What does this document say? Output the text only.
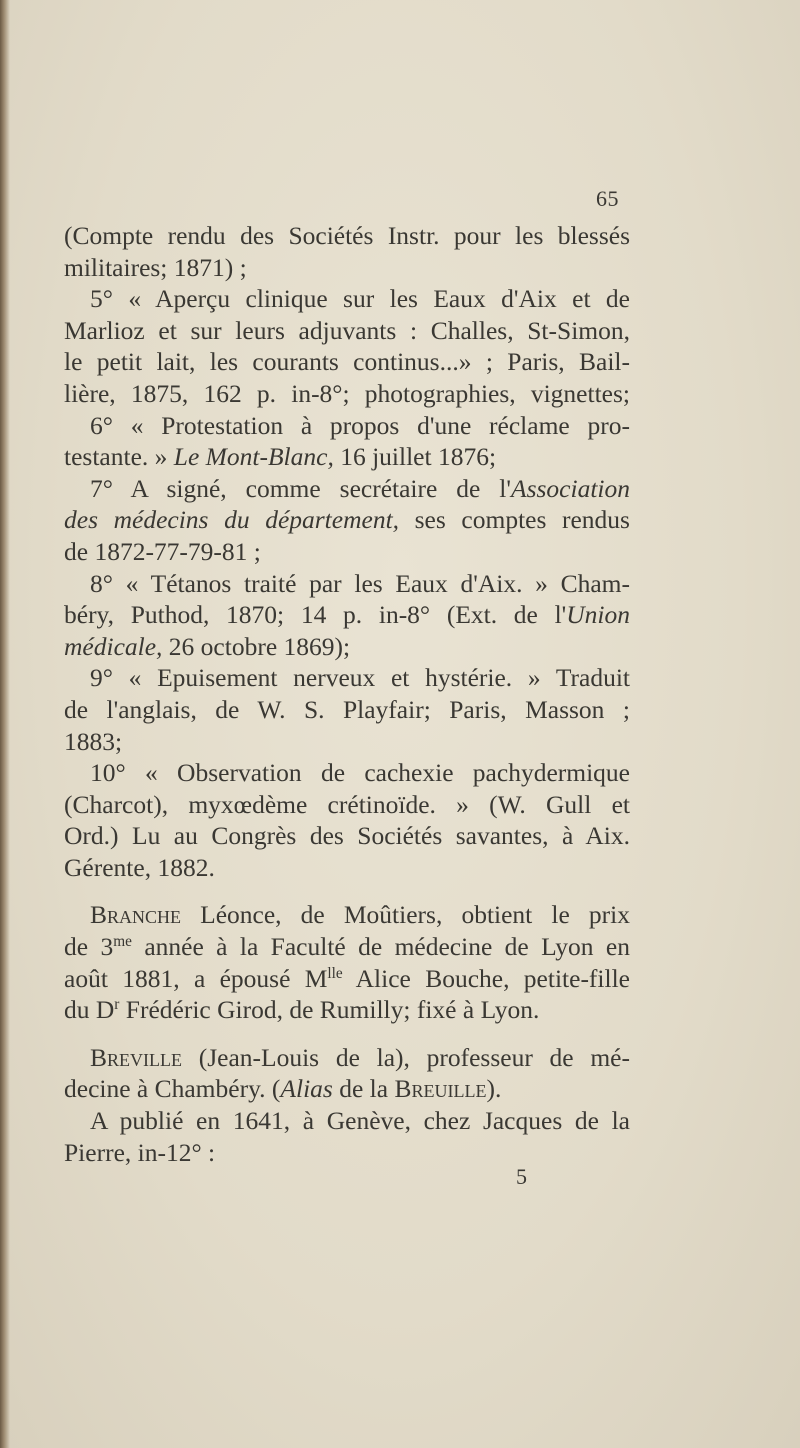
65
(Compte rendu des Sociétés Instr. pour les blessés
militaires; 1871) ;
5° « Aperçu clinique sur les Eaux d'Aix et de
Marlioz et sur leurs adjuvants : Challes, St-Simon,
le petit lait, les courants continus...» ; Paris, Bail-
lière, 1875, 162 p. in-8°; photographies, vignettes;
6° « Protestation à propos d'une réclame pro-
testante. » Le Mont-Blanc, 16 juillet 1876;
7° A signé, comme secrétaire de l'Association
des médecins du département, ses comptes rendus
de 1872-77-79-81 ;
8° « Tétanos traité par les Eaux d'Aix. » Cham-
béry, Puthod, 1870; 14 p. in-8° (Ext. de l'Union
médicale, 26 octobre 1869);
9° « Epuisement nerveux et hystérie. » Traduit
de l'anglais, de W. S. Playfair; Paris, Masson ;
1883;
10° « Observation de cachexie pachydermique
(Charcot), myxœdème crétinoïde. » (W. Gull et
Ord.) Lu au Congrès des Sociétés savantes, à Aix.
Gérente, 1882.
Branche Léonce, de Moûtiers, obtient le prix
de $3^{me}$ année à la Faculté de médecine de Lyon en
août 1881, a épousé $M^{lle}$ Alice Bouche, petite-fille
du $D^r$ Frédéric Girod, de Rumilly; fixé à Lyon.
Breville (Jean-Louis de la), professeur de mé-
decine à Chambéry. (Alias de la Breuille).
A publié en 1641, à Genève, chez Jacques de la
Pierre, in-12° :
5
